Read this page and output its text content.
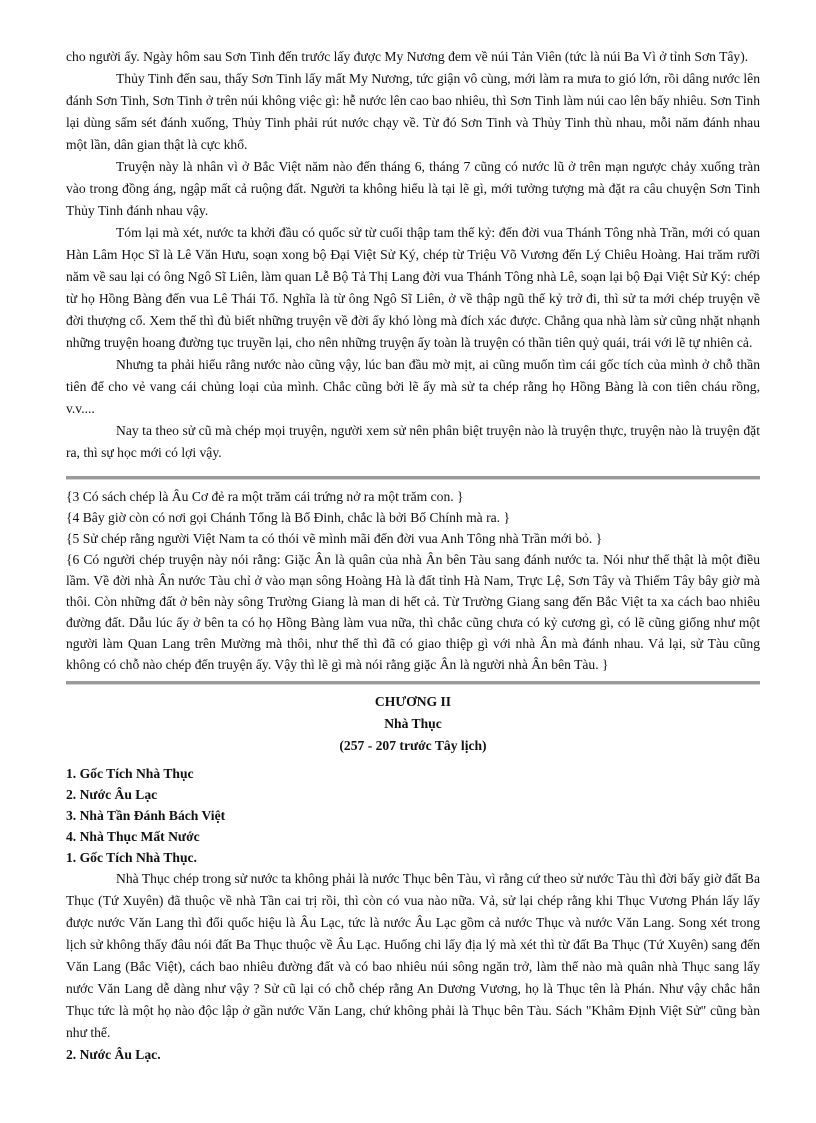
cho người ấy. Ngày hôm sau Sơn Tinh đến trước lấy được My Nương đem về núi Tản Viên (tức là núi Ba Vì ở tỉnh Sơn Tây).

Thủy Tinh đến sau, thấy Sơn Tinh lấy mất My Nương, tức giận vô cùng, mới làm ra mưa to gió lớn, rồi dâng nước lên đánh Sơn Tinh, Sơn Tinh ở trên núi không việc gì: hễ nước lên cao bao nhiêu, thì Sơn Tinh làm núi cao lên bấy nhiêu. Sơn Tinh lại dùng sấm sét đánh xuống, Thủy Tinh phải rút nước chạy về. Từ đó Sơn Tinh và Thủy Tinh thù nhau, mỗi năm đánh nhau một lần, dân gian thật là cực khổ.

Truyện này là nhân vì ở Bắc Việt năm nào đến tháng 6, tháng 7 cũng có nước lũ ở trên mạn ngược chảy xuống tràn vào trong đồng áng, ngập mất cả ruộng đất. Người ta không hiểu là tại lẽ gì, mới tưởng tượng mà đặt ra câu chuyện Sơn Tinh Thủy Tinh đánh nhau vậy.

Tóm lại mà xét, nước ta khởi đầu có quốc sử từ cuối thập tam thế kỷ: đến đời vua Thánh Tông nhà Trần, mới có quan Hàn Lâm Học Sĩ là Lê Văn Hưu, soạn xong bộ Đại Việt Sử Ký, chép từ Triệu Võ Vương đến Lý Chiêu Hoàng. Hai trăm rưỡi năm về sau lại có ông Ngô Sĩ Liên, làm quan Lễ Bộ Tả Thị Lang đời vua Thánh Tông nhà Lê, soạn lại bộ Đại Việt Sử Ký: chép từ họ Hồng Bàng đến vua Lê Thái Tổ. Nghĩa là từ ông Ngô Sĩ Liên, ở về thập ngũ thế kỷ trở đi, thì sử ta mới chép truyện về đời thượng cổ. Xem thế thì đủ biết những truyện về đời ấy khó lòng mà đích xác được. Chẳng qua nhà làm sử cũng nhặt nhạnh những truyện hoang đường tục truyền lại, cho nên những truyện ấy toàn là truyện có thần tiên quỷ quái, trái với lẽ tự nhiên cả.

Nhưng ta phải hiểu rằng nước nào cũng vậy, lúc ban đầu mờ mịt, ai cũng muốn tìm cái gốc tích của mình ở chỗ thần tiên để cho vẻ vang cái chủng loại của mình. Chắc cũng bởi lẽ ấy mà sử ta chép rằng họ Hồng Bàng là con tiên cháu rồng, v.v....

Nay ta theo sử cũ mà chép mọi truyện, người xem sử nên phân biệt truyện nào là truyện thực, truyện nào là truyện đặt ra, thì sự học mới có lợi vậy.

{3 Có sách chép là Âu Cơ đẻ ra một trăm cái trứng nở ra một trăm con. }

{4 Bây giờ còn có nơi gọi Chánh Tổng là Bố Đinh, chắc là bởi Bố Chính mà ra. }

{5 Sử chép rằng người Việt Nam ta có thói vẽ mình mãi đến đời vua Anh Tông nhà Trần mới bỏ. }

{6 Có người chép truyện này nói rằng: Giặc Ân là quân của nhà Ân bên Tàu sang đánh nước ta. Nói như thế thật là một điều lầm. Về đời nhà Ân nước Tàu chỉ ở vào mạn sông Hoàng Hà là đất tỉnh Hà Nam, Trực Lệ, Sơn Tây và Thiểm Tây bây giờ mà thôi. Còn những đất ở bên này sông Trường Giang là man di hết cả. Từ Trường Giang sang đến Bắc Việt ta xa cách bao nhiêu đường đất. Dẫu lúc ấy ở bên ta có họ Hồng Bàng làm vua nữa, thì chắc cũng chưa có kỷ cương gì, có lẽ cũng giống như một người làm Quan Lang trên Mường mà thôi, như thế thì đã có giao thiệp gì với nhà Ân mà đánh nhau. Vả lại, sử Tàu cũng không có chỗ nào chép đến truyện ấy. Vậy thì lẽ gì mà nói rằng giặc Ân là người nhà Ân bên Tàu. }

CHƯƠNG II

Nhà Thục

(257 - 207 trước Tây lịch)

1. Gốc Tích Nhà Thục

2. Nước Âu Lạc

3. Nhà Tần Đánh Bách Việt

4. Nhà Thục Mất Nước

1. Gốc Tích Nhà Thục.

Nhà Thục chép trong sử nước ta không phải là nước Thục bên Tàu, vì rằng cứ theo sử nước Tàu thì đời bấy giờ đất Ba Thục (Tứ Xuyên) đã thuộc về nhà Tần cai trị rồi, thì còn có vua nào nữa. Vả, sử lại chép rằng khi Thục Vương Phán lấy lấy được nước Văn Lang thì đổi quốc hiệu là Âu Lạc, tức là nước Âu Lạc gồm cả nước Thục và nước Văn Lang. Song xét trong lịch sử không thấy đâu nói đất Ba Thục thuộc về Âu Lạc. Huống chi lấy địa lý mà xét thì từ đất Ba Thục (Tứ Xuyên) sang đến Văn Lang (Bắc Việt), cách bao nhiêu đường đất và có bao nhiêu núi sông ngăn trở, làm thế nào mà quân nhà Thục sang lấy nước Văn Lang dễ dàng như vậy ? Sử cũ lại có chỗ chép rằng An Dương Vương, họ là Thục tên là Phán. Như vậy chắc hẳn Thục tức là một họ nào độc lập ở gần nước Văn Lang, chứ không phải là Thục bên Tàu. Sách "Khâm Định Việt Sử" cũng bàn như thế.

2. Nước Âu Lạc.
